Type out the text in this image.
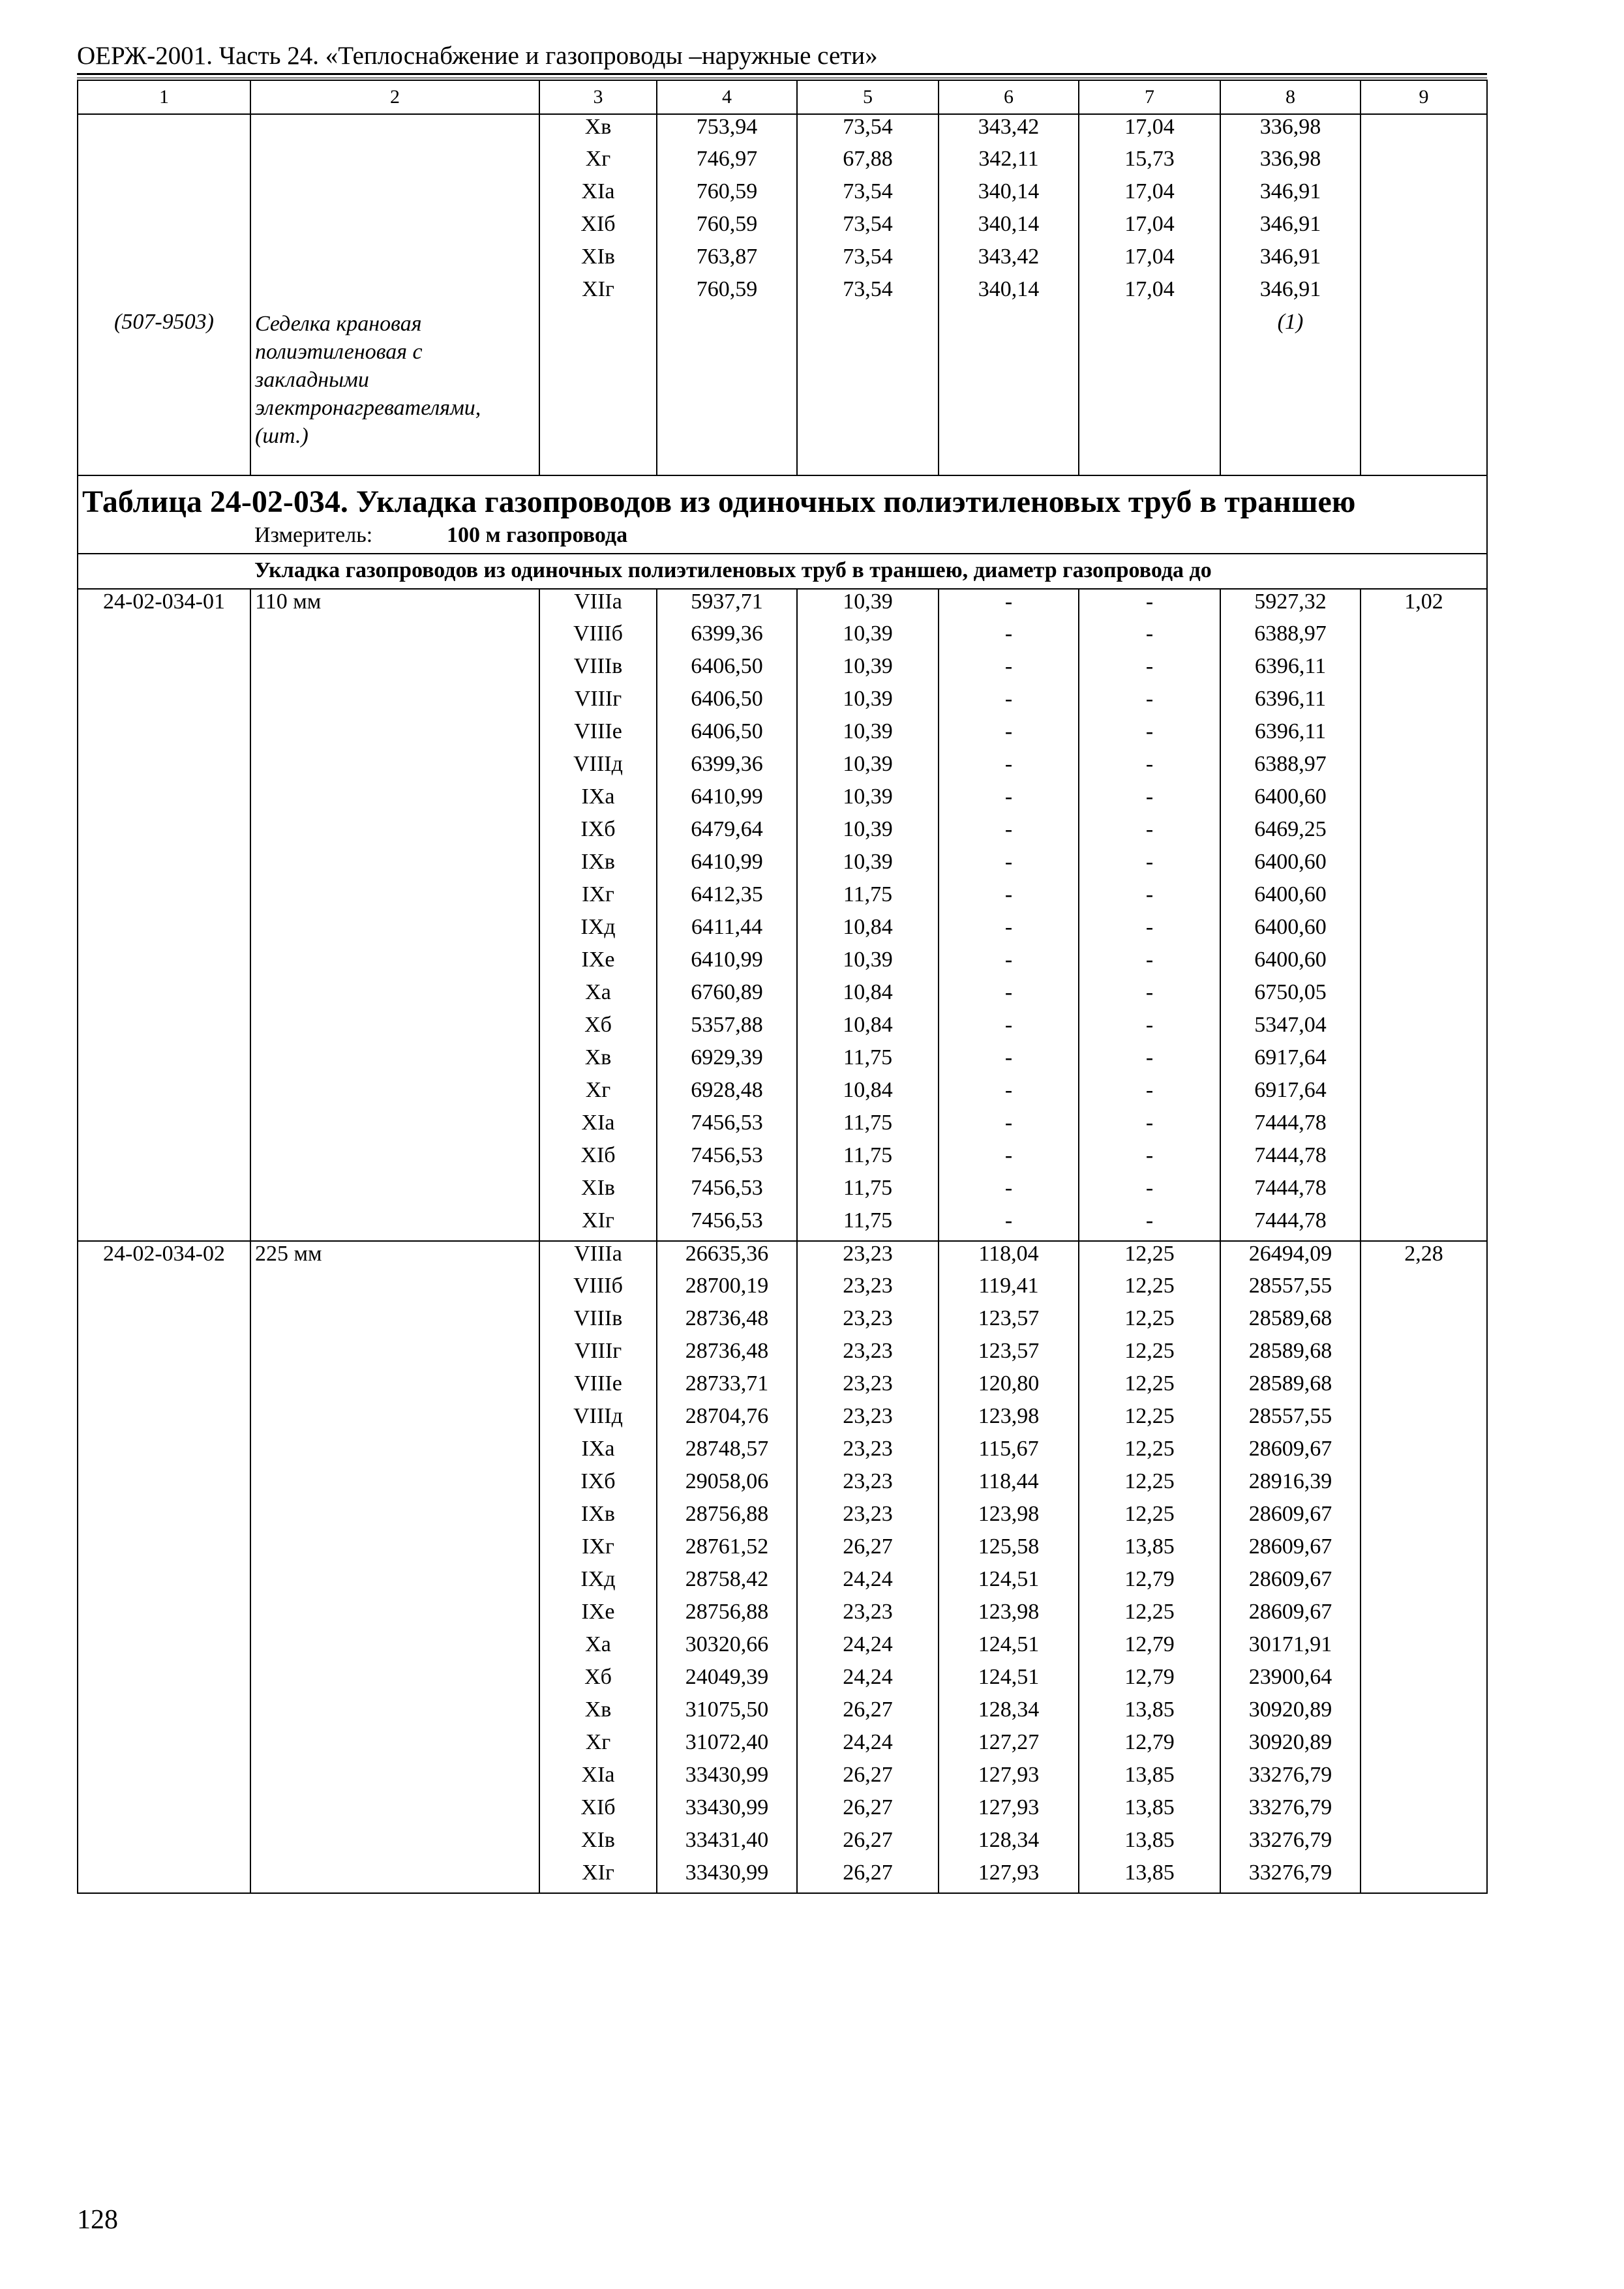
ОЕРЖ-2001. Часть 24. «Теплоснабжение и газопроводы –наружные сети»
1	2	3	4	5	6	7	8	9
		Xв	753,94	73,54	343,42	17,04	336,98	
		Xг	746,97	67,88	342,11	15,73	336,98	
		XIа	760,59	73,54	340,14	17,04	346,91	
		XIб	760,59	73,54	340,14	17,04	346,91	
		XIв	763,87	73,54	343,42	17,04	346,91	
		XIг	760,59	73,54	340,14	17,04	346,91	
(507-9503)	Седелка крановая полиэтиленовая с закладными электронагревателями, (шт.)						(1)	

Таблица 24-02-034. Укладка газопроводов из одиночных полиэтиленовых труб в траншею
Измеритель: 100 м газопровода								

Укладка газопроводов из одиночных полиэтиленовых труб в траншею, диаметр газопровода до								

24-02-034-01	110 мм	VIIIа	5937,71	10,39	-	-	5927,32	1,02
		VIIIб	6399,36	10,39	-	-	6388,97	
		VIIIв	6406,50	10,39	-	-	6396,11	
		VIIIг	6406,50	10,39	-	-	6396,11	
		VIIIе	6406,50	10,39	-	-	6396,11	
		VIIIд	6399,36	10,39	-	-	6388,97	
		IXа	6410,99	10,39	-	-	6400,60	
		IXб	6479,64	10,39	-	-	6469,25	
		IXв	6410,99	10,39	-	-	6400,60	
		IXг	6412,35	11,75	-	-	6400,60	
		IXд	6411,44	10,84	-	-	6400,60	
		IXе	6410,99	10,39	-	-	6400,60	
		Xа	6760,89	10,84	-	-	6750,05	
		Xб	5357,88	10,84	-	-	5347,04	
		Xв	6929,39	11,75	-	-	6917,64	
		Xг	6928,48	10,84	-	-	6917,64	
		XIа	7456,53	11,75	-	-	7444,78	
		XIб	7456,53	11,75	-	-	7444,78	
		XIв	7456,53	11,75	-	-	7444,78	
		XIг	7456,53	11,75	-	-	7444,78	
24-02-034-02	225 мм	VIIIа	26635,36	23,23	118,04	12,25	26494,09	2,28
		VIIIб	28700,19	23,23	119,41	12,25	28557,55	
		VIIIв	28736,48	23,23	123,57	12,25	28589,68	
		VIIIг	28736,48	23,23	123,57	12,25	28589,68	
		VIIIе	28733,71	23,23	120,80	12,25	28589,68	
		VIIIд	28704,76	23,23	123,98	12,25	28557,55	
		IXа	28748,57	23,23	115,67	12,25	28609,67	
		IXб	29058,06	23,23	118,44	12,25	28916,39	
		IXв	28756,88	23,23	123,98	12,25	28609,67	
		IXг	28761,52	26,27	125,58	13,85	28609,67	
		IXд	28758,42	24,24	124,51	12,79	28609,67	
		IXе	28756,88	23,23	123,98	12,25	28609,67	
		Xа	30320,66	24,24	124,51	12,79	30171,91	
		Xб	24049,39	24,24	124,51	12,79	23900,64	
		Xв	31075,50	26,27	128,34	13,85	30920,89	
		Xг	31072,40	24,24	127,27	12,79	30920,89	
		XIа	33430,99	26,27	127,93	13,85	33276,79	
		XIб	33430,99	26,27	127,93	13,85	33276,79	
		XIв	33431,40	26,27	128,34	13,85	33276,79	
		XIг	33430,99	26,27	127,93	13,85	33276,79	
128
